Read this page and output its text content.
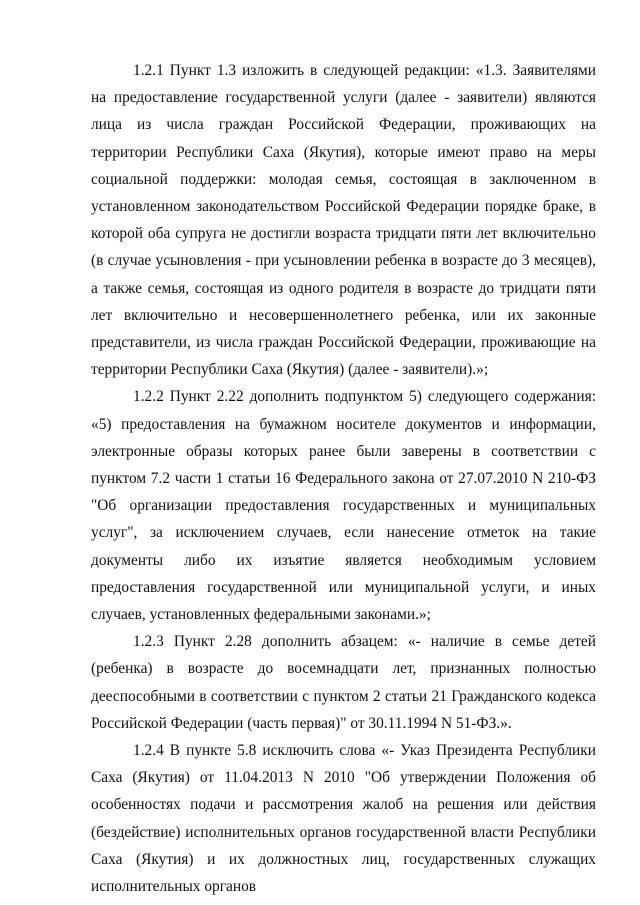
1.2.1 Пункт 1.3 изложить в следующей редакции: «1.3. Заявителями на предоставление государственной услуги (далее - заявители) являются лица из числа граждан Российской Федерации, проживающих на территории Республики Саха (Якутия), которые имеют право на меры социальной поддержки: молодая семья, состоящая в заключенном в установленном законодательством Российской Федерации порядке браке, в которой оба супруга не достигли возраста тридцати пяти лет включительно (в случае усыновления - при усыновлении ребенка в возрасте до 3 месяцев), а также семья, состоящая из одного родителя в возрасте до тридцати пяти лет включительно и несовершеннолетнего ребенка, или их законные представители, из числа граждан Российской Федерации, проживающие на территории Республики Саха (Якутия) (далее - заявители).»;

1.2.2 Пункт 2.22 дополнить подпунктом 5) следующего содержания: «5) предоставления на бумажном носителе документов и информации, электронные образы которых ранее были заверены в соответствии с пунктом 7.2 части 1 статьи 16 Федерального закона от 27.07.2010 N 210-ФЗ "Об организации предоставления государственных и муниципальных услуг", за исключением случаев, если нанесение отметок на такие документы либо их изъятие является необходимым условием предоставления государственной или муниципальной услуги, и иных случаев, установленных федеральными законами.»;

1.2.3 Пункт 2.28 дополнить абзацем: «- наличие в семье детей (ребенка) в возрасте до восемнадцати лет, признанных полностью дееспособными в соответствии с пунктом 2 статьи 21 Гражданского кодекса Российской Федерации (часть первая)" от 30.11.1994 N 51-ФЗ.».

1.2.4 В пункте 5.8 исключить слова «- Указ Президента Республики Саха (Якутия) от 11.04.2013 N 2010 "Об утверждении Положения об особенностях подачи и рассмотрения жалоб на решения или действия (бездействие) исполнительных органов государственной власти Республики Саха (Якутия) и их должностных лиц, государственных служащих исполнительных органов
